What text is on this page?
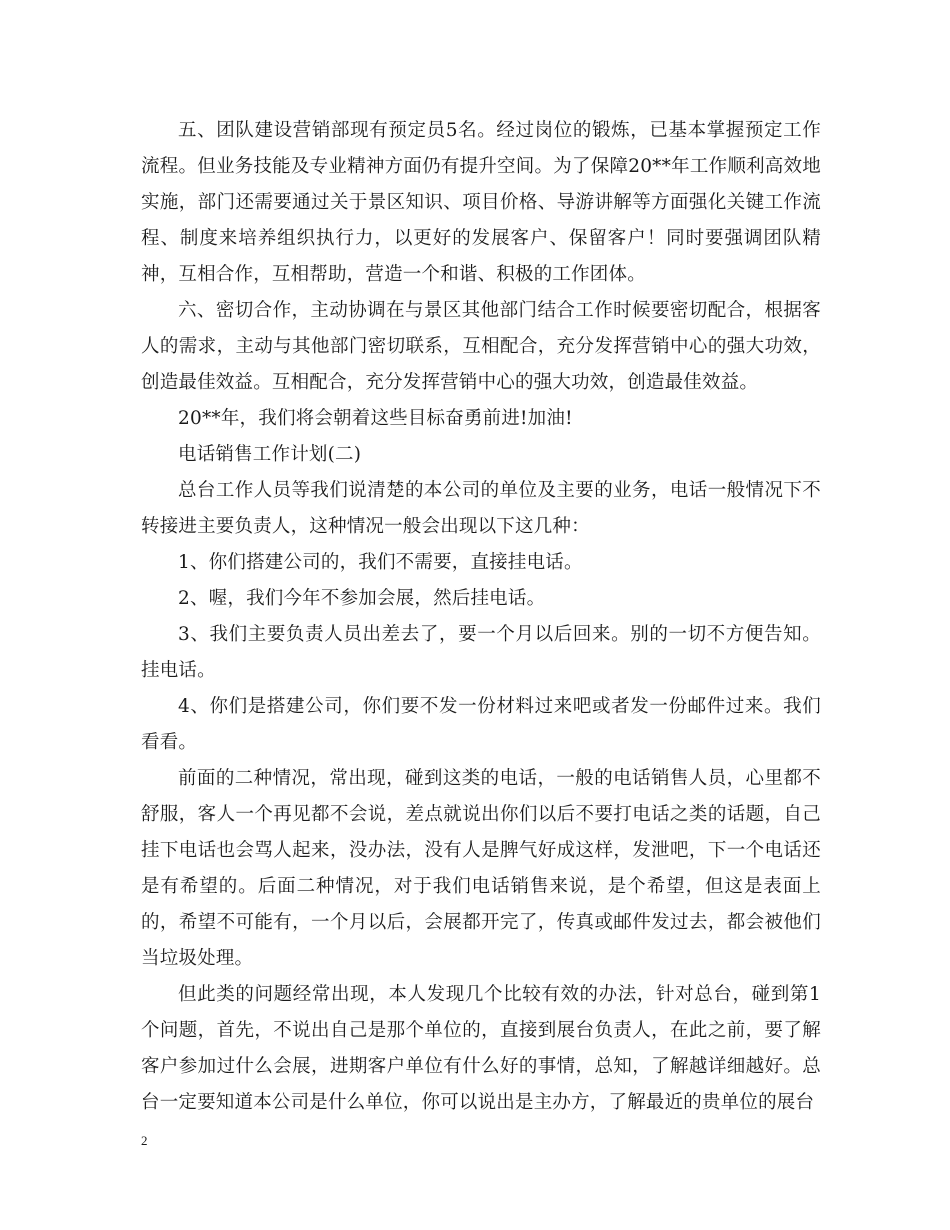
五、团队建设营销部现有预定员5名。经过岗位的锻炼，已基本掌握预定工作流程。但业务技能及专业精神方面仍有提升空间。为了保障20**年工作顺利高效地实施，部门还需要通过关于景区知识、项目价格、导游讲解等方面强化关键工作流程、制度来培养组织执行力，以更好的发展客户、保留客户！同时要强调团队精神，互相合作，互相帮助，营造一个和谐、积极的工作团体。

六、密切合作，主动协调在与景区其他部门结合工作时候要密切配合，根据客人的需求，主动与其他部门密切联系，互相配合，充分发挥营销中心的强大功效，创造最佳效益。互相配合，充分发挥营销中心的强大功效，创造最佳效益。

20**年，我们将会朝着这些目标奋勇前进!加油!

电话销售工作计划(二)

总台工作人员等我们说清楚的本公司的单位及主要的业务，电话一般情况下不转接进主要负责人，这种情况一般会出现以下这几种：

1、你们搭建公司的，我们不需要，直接挂电话。

2、喔，我们今年不参加会展，然后挂电话。

3、我们主要负责人员出差去了，要一个月以后回来。别的一切不方便告知。挂电话。

4、你们是搭建公司，你们要不发一份材料过来吧或者发一份邮件过来。我们看看。

前面的二种情况，常出现，碰到这类的电话，一般的电话销售人员，心里都不舒服，客人一个再见都不会说，差点就说出你们以后不要打电话之类的话题，自己挂下电话也会骂人起来，没办法，没有人是脾气好成这样，发泄吧，下一个电话还是有希望的。后面二种情况，对于我们电话销售来说，是个希望，但这是表面上的，希望不可能有，一个月以后，会展都开完了，传真或邮件发过去，都会被他们当垃圾处理。

但此类的问题经常出现，本人发现几个比较有效的办法，针对总台，碰到第1个问题，首先，不说出自己是那个单位的，直接到展台负责人，在此之前，要了解客户参加过什么会展，进期客户单位有什么好的事情，总知，了解越详细越好。总台一定要知道本公司是什么单位，你可以说出是主办方，了解最近的贵单位的展台

2
